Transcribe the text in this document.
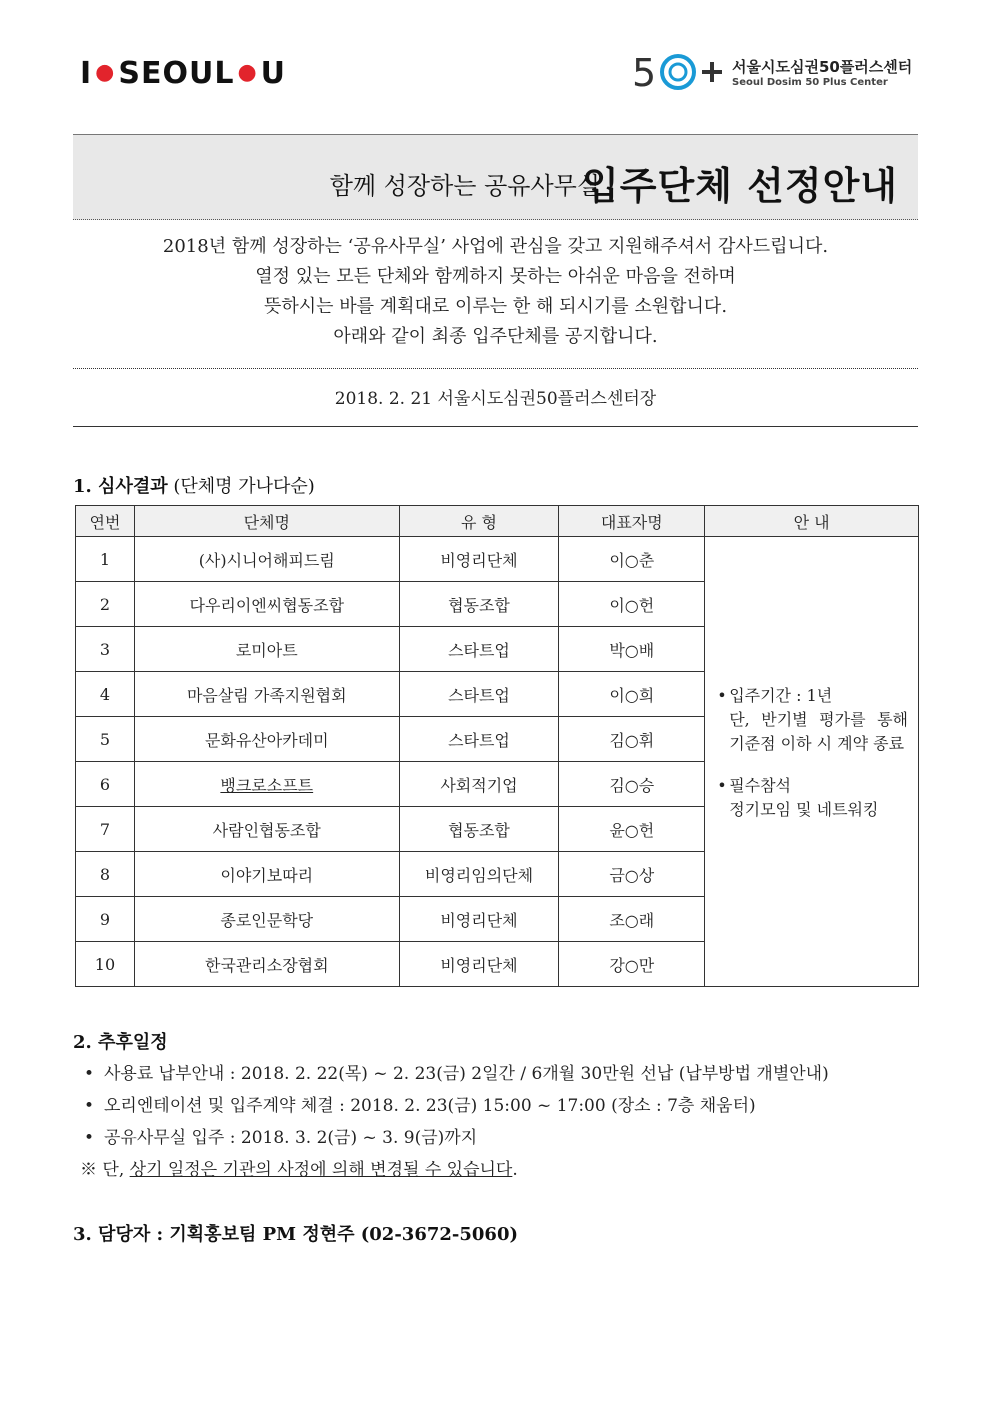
I ● SEOUL ● U	5	서울시도심권50플러스센터
Seoul Dosim 50 Plus Center
함께 성장하는 공유사무실
입주단체 선정안내

2018년 함께 성장하는 ‘공유사무실’ 사업에 관심을 갖고 지원해주셔서 감사드립니다.

열정 있는 모든 단체와 함께하지 못하는 아쉬운 마음을 전하며

뜻하시는 바를 계획대로 이루는 한 해 되시기를 소원합니다.

아래와 같이 최종 입주단체를 공지합니다.

2018. 2. 21 서울시도심권50플러스센터장
1. 심사결과 (단체명 가나다순)
연번	단체명	유 형	대표자명	안 내
1	(사)시니어해피드림	비영리단체	이○춘	• 입주기간 : 1년
단, 반기별 평가를 통해 기준점 이하 시 계약 종료
• 필수참석
정기모임 및 네트워킹

2	다우리이엔씨협동조합	협동조합	이○헌	
3	로미아트	스타트업	박○배	
4	마음살림 가족지원협회	스타트업	이○희	
5	문화유산아카데미	스타트업	김○휘	
6	뱅크로소프트	사회적기업	김○승	
7	사람인협동조합	협동조합	윤○헌	
8	이야기보따리	비영리임의단체	금○상	
9	종로인문학당	비영리단체	조○래	
10	한국관리소장협회	비영리단체	강○만	
2. 추후일정
• 사용료 납부안내 : 2018. 2. 22(목) ~ 2. 23(금) 2일간 / 6개월 30만원 선납 (납부방법 개별안내)
• 오리엔테이션 및 입주계약 체결 : 2018. 2. 23(금) 15:00 ~ 17:00 (장소 : 7층 채움터)
• 공유사무실 입주 : 2018. 3. 2(금) ~ 3. 9(금)까지
※ 단, 상기 일정은 기관의 사정에 의해 변경될 수 있습니다.
3. 담당자 : 기획홍보팀 PM 정현주 (02-3672-5060)
